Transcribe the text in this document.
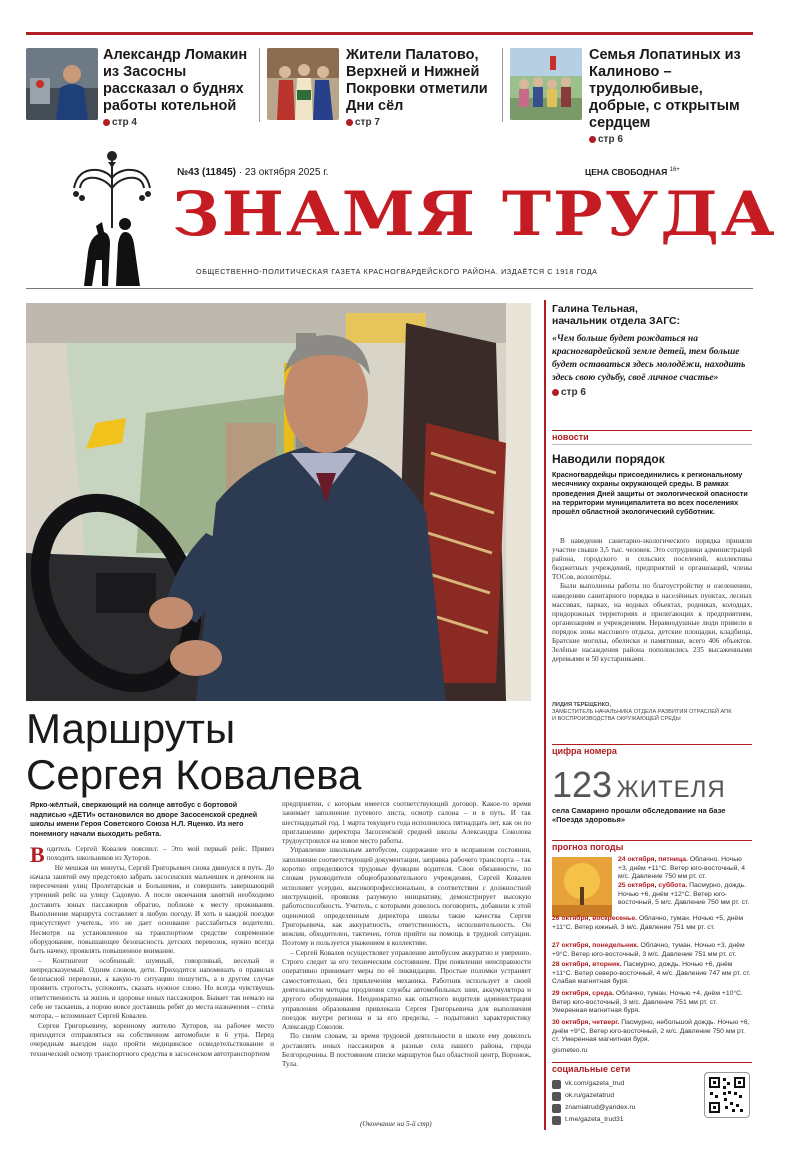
Александр Ломакин из Засосны рассказал о буднях работы котельной
стр 4
Жители Палатово, Верхней и Нижней Покровки отметили Дни сёл
стр 7
Семья Лопатиных из Калиново – трудолюбивые, добрые, с открытым сердцем
стр 6
№43 (11845) · 23 октября 2025 г.	ЦЕНА СВОБОДНАЯ $^{16+}$
ЗНАМЯ ТРУДА
ОБЩЕСТВЕННО-ПОЛИТИЧЕСКАЯ ГАЗЕТА КРАСНОГВАРДЕЙСКОГО РАЙОНА. ИЗДАЁТСЯ С 1918 ГОДА
Маршруты
Сергея Ковалева
Ярко-жёлтый, сверкающий на солнце автобус с бортовой надписью «ДЕТИ» остановился во дворе Засосенской средней школы имени Героя Советского Союза Н.Л. Яценко. Из него понемногу начали выходить ребята.

Водитель Сергей Ковалев пояснил: – Это мой первый рейс. Привез походить школьников из Хуторов.

Не мешкая ни минуты, Сергей Григорьевич снова двинулся в путь. До начала занятий ему предстояло забрать засосенских мальчишек и девчонок на пересечении улиц Пролетарская и Большевик, и совершить завершающий утренний рейс на улицу Садовую. А после окончания занятий необходимо доставить юных пассажиров обратно, поближе к месту проживания. Выполнение маршрута составляет в любую погоду. И хоть в каждой поездке присутствует учитель, это не дает основание расслабиться водителю. Несмотря на установленное на транспортном средстве современное оборудование, повышающее безопасность детских перевозок, нужно всегда быть начеку, проявлять повышенное внимание.

– Контингент особенный: шумный, говорливый, веселый и непредсказуемый. Одним словом, дети. Приходится напоминать о правилах безопасной перевозки, а какую-то ситуацию пошутить, а в другом случае проявить строгость, успокоить, сказать нужное слово. Но всегда чувствуешь ответственность за жизнь и здоровье юных пассажиров. Бывает так немало на себе не таскаешь, а порою вовсе доставишь ребят до места назначения – стиха мотора, – вспоминает Сергей Ковалев.

Сергея Григорьевичу, коренному жителю Хуторов, на рабочее место приходится отправляться на собственном автомобиле в 6 утра. Перед очередным выездом надо пройти медицинское освидетельствование и технический осмотр транспортного средства в засосенском автотранспортном

предприятии, с которым имеется соответствующий договор. Какое-то время занимает заполнение путевого листа, осмотр салона – и в путь. И так шестнадцатый год. 1 марта текущего года исполнилось пятнадцать лет, как он по приглашению директора Засосенской средней школы Александра Соколова трудоустроился на новое место работы.

Управление школьным автобусом, содержание его в исправном состоянии, заполнение соответствующей документации, заправка рабочего транспорта – так коротко определяются трудовые функции водителя. Свои обязанности, по словам руководителя общеобразовательного учреждения, Сергей Ковалев исполняет усердно, высокопрофессионально, в соответствии с должностной инструкцией, проявляя разумную инициативу, демонстрирует высокую работоспособность. Учитель, с которыми довелось поговорить, добавили к этой оценочной определенным директора школы такие качества Сергея Григорьевича, как аккуратность, ответственность, исполнительность. Он вежлив, обходителен, тактичен, готов прийти на помощь в трудной ситуации. Поэтому и пользуется уважением в коллективе.

– Сергей Ковалев осуществляет управление автобусом аккуратно и уверенно. Строго следит за его техническим состоянием. При появлении неисправности оперативно принимает меры по её ликвидации. Простые поломки устраняет самостоятельно, без привлечения механика. Работник использует в своей деятельности методы продления службы автомобильных шин, аккумулятора и другого оборудования. Неоднократно как опытного водителя администрация управления образования привлекала Сергея Григорьевича для выполнения поездок внутри региона и за его пределы, – подытожил характеристику Александр Соколов.

По своим словам, за время трудовой деятельности в школе ему довелось доставлять юных пассажиров в разные села нашего района, города Белгородчины. В постоянном списке маршрутов был областной центр, Воронеж, Тула.

(Окончание на 5-й стр)
Галина Тельная,
начальник отдела ЗАГС:
«Чем больше будет рождаться на красногвардейской земле детей, тем больше будет оставаться здесь молодёжи, находить здесь свою судьбу, своё личное счастье»
стр 6
новости
Наводили порядок
Красногвардейцы присоединились к региональному месячнику охраны окружающей среды. В рамках проведения Дней защиты от экологической опасности на территории муниципалитета во всех поселениях прошёл областной экологический субботник.

В наведении санитарно-экологического порядка приняли участие свыше 3,5 тыс. человек. Это сотрудники администраций района, городского и сельских поселений, коллективы бюджетных учреждений, предприятий и организаций, члены ТОСов, волонтёры.

Были выполнены работы по благоустройству и озеленению, наведению санитарного порядка в населённых пунктах, лесных массивах, парках, на водных объектах, родниках, колодцах, придорожных территориях и прилегающих к предприятиям, организациям и учреждениям. Неравнодушные люди привели в порядок зоны массового отдыха, детские площадки, кладбища, Братские могилы, обелиски и памятники, всего 406 объектов. Зелёные насаждения района пополнились 235 высаженными деревьями и 50 кустарниками.

ЛИДИЯ ТЕРЕЩЕНКО,
ЗАМЕСТИТЕЛЬ НАЧАЛЬНИКА ОТДЕЛА РАЗВИТИЯ ОТРАСЛЕЙ АПК И ВОСПРОИЗВОДСТВА ОКРУЖАЮЩЕЙ СРЕДЫ
цифра номера
123 ЖИТЕЛЯ
села Самарино прошли обследование на базе «Поезда здоровья»
прогноз погоды
24 октября, пятница. Облачно. Ночью +3, днём +11°С. Ветер юго-восточный, 4 м/с. Давление 750 мм рт. ст.
25 октября, суббота. Пасмурно, дождь. Ночью +6, днём +12°С. Ветер юго-восточный, 5 м/с. Давление 750 мм рт. ст.
26 октября, воскресенье. Облачно, туман. Ночью +5, днём +11°С. Ветер южный, 3 м/с. Давление 751 мм рт. ст.
27 октября, понедельник. Облачно, туман. Ночью +3, днём +9°С. Ветер юго-восточный, 3 м/с. Давление 751 мм рт. ст.
28 октября, вторник. Пасмурно, дождь. Ночью +6, днём +11°С. Ветер северо-восточный, 4 м/с. Давление 747 мм рт. ст. Слабая магнитная буря.
29 октября, среда. Облачно, туман. Ночью +4, днём +10°С. Ветер юго-восточный, 3 м/с. Давление 751 мм рт. ст. Умеренная магнитная буря.
30 октября, четверг. Пасмурно, небольшой дождь. Ночью +6, днём +9°С. Ветер юго-восточный, 2 м/с. Давление 750 мм рт. ст. Умеренная магнитная буря.
gismeteo.ru
социальные сети
vk.com/gazeta_trud
ok.ru/gazetatrud
znamiatrud@yandex.ru
t.me/gazeta_trud31
